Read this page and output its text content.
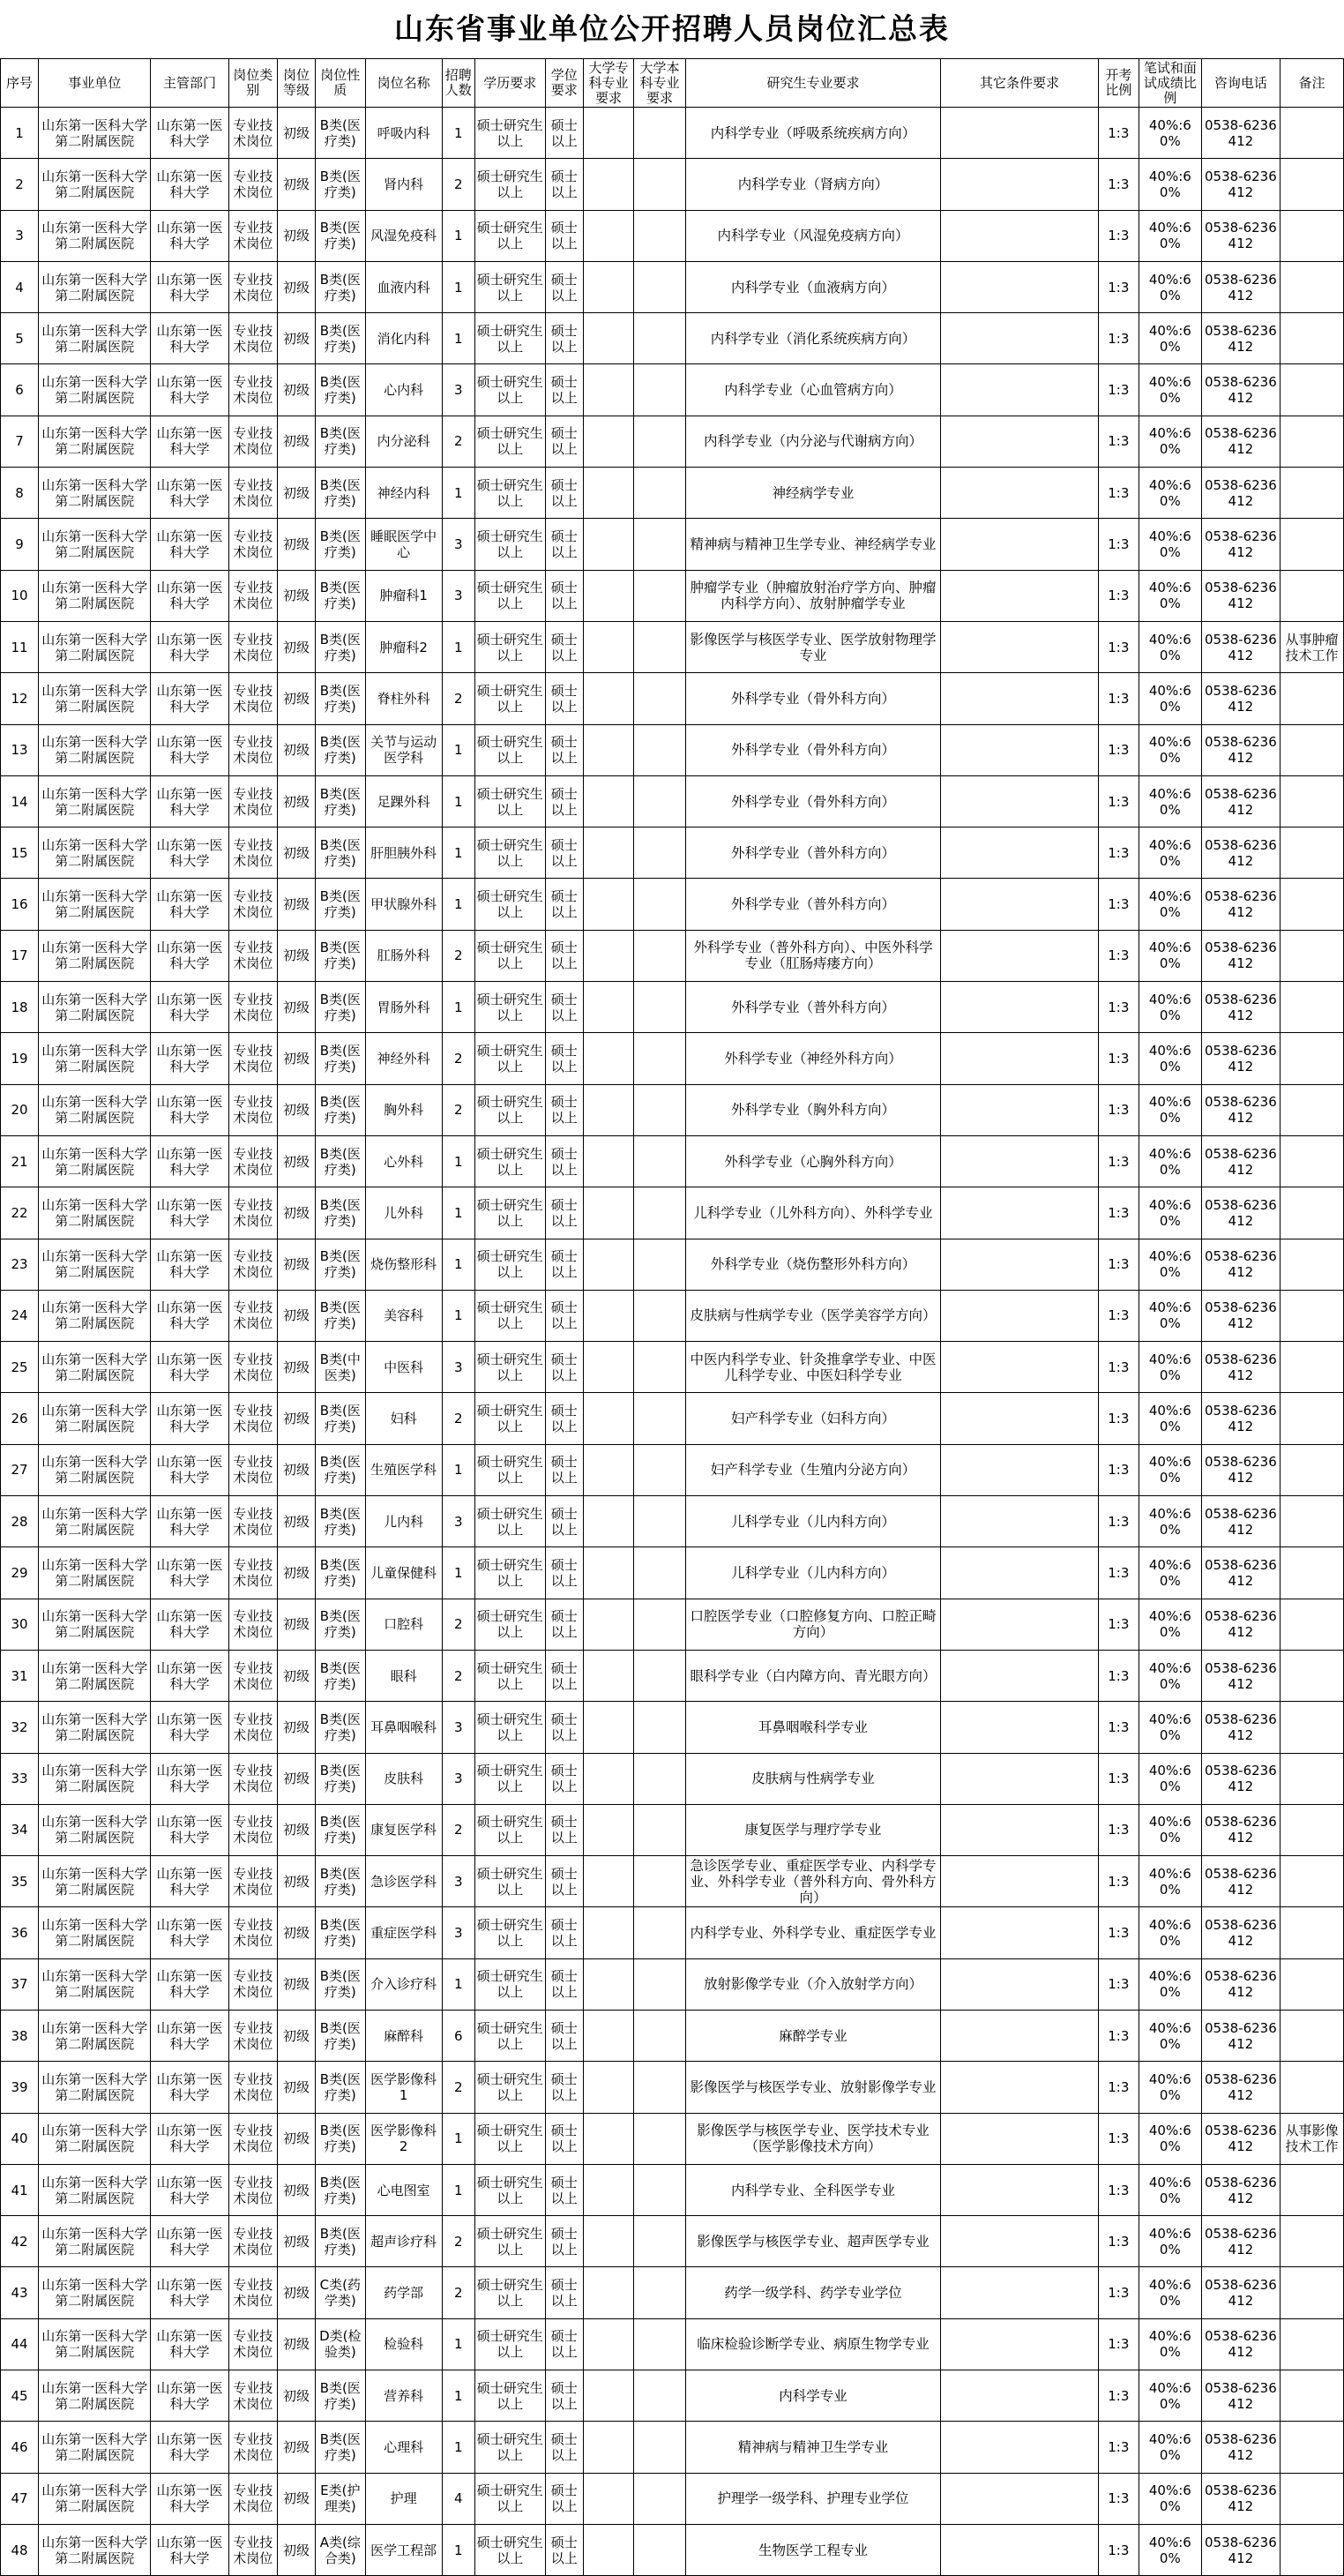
山东省事业单位公开招聘人员岗位汇总表
序号	事业单位	主管部门	岗位类别	岗位等级	岗位性质	岗位名称	招聘人数	学历要求	学位要求	大学专科专业要求	大学本科专业要求	研究生专业要求	其它条件要求	开考比例	笔试和面试成绩比例	咨询电话	备注
1	山东第一医科大学第二附属医院	山东第一医科大学	专业技术岗位	初级	B类(医疗类)	呼吸内科	1	硕士研究生以上	硕士以上			内科学专业（呼吸系统疾病方向）		1:3	40%:60%	0538-6236412	
2	山东第一医科大学第二附属医院	山东第一医科大学	专业技术岗位	初级	B类(医疗类)	肾内科	2	硕士研究生以上	硕士以上			内科学专业（肾病方向）		1:3	40%:60%	0538-6236412	
3	山东第一医科大学第二附属医院	山东第一医科大学	专业技术岗位	初级	B类(医疗类)	风湿免疫科	1	硕士研究生以上	硕士以上			内科学专业（风湿免疫病方向）		1:3	40%:60%	0538-6236412	
4	山东第一医科大学第二附属医院	山东第一医科大学	专业技术岗位	初级	B类(医疗类)	血液内科	1	硕士研究生以上	硕士以上			内科学专业（血液病方向）		1:3	40%:60%	0538-6236412	
5	山东第一医科大学第二附属医院	山东第一医科大学	专业技术岗位	初级	B类(医疗类)	消化内科	1	硕士研究生以上	硕士以上			内科学专业（消化系统疾病方向）		1:3	40%:60%	0538-6236412	
6	山东第一医科大学第二附属医院	山东第一医科大学	专业技术岗位	初级	B类(医疗类)	心内科	3	硕士研究生以上	硕士以上			内科学专业（心血管病方向）		1:3	40%:60%	0538-6236412	
7	山东第一医科大学第二附属医院	山东第一医科大学	专业技术岗位	初级	B类(医疗类)	内分泌科	2	硕士研究生以上	硕士以上			内科学专业（内分泌与代谢病方向）		1:3	40%:60%	0538-6236412	
8	山东第一医科大学第二附属医院	山东第一医科大学	专业技术岗位	初级	B类(医疗类)	神经内科	1	硕士研究生以上	硕士以上			神经病学专业		1:3	40%:60%	0538-6236412	
9	山东第一医科大学第二附属医院	山东第一医科大学	专业技术岗位	初级	B类(医疗类)	睡眠医学中心	3	硕士研究生以上	硕士以上			精神病与精神卫生学专业、神经病学专业		1:3	40%:60%	0538-6236412	
10	山东第一医科大学第二附属医院	山东第一医科大学	专业技术岗位	初级	B类(医疗类)	肿瘤科1	3	硕士研究生以上	硕士以上			肿瘤学专业（肿瘤放射治疗学方向、肿瘤内科学方向）、放射肿瘤学专业		1:3	40%:60%	0538-6236412	
11	山东第一医科大学第二附属医院	山东第一医科大学	专业技术岗位	初级	B类(医疗类)	肿瘤科2	1	硕士研究生以上	硕士以上			影像医学与核医学专业、医学放射物理学专业		1:3	40%:60%	0538-6236412	从事肿瘤技术工作
12	山东第一医科大学第二附属医院	山东第一医科大学	专业技术岗位	初级	B类(医疗类)	脊柱外科	2	硕士研究生以上	硕士以上			外科学专业（骨外科方向）		1:3	40%:60%	0538-6236412	
13	山东第一医科大学第二附属医院	山东第一医科大学	专业技术岗位	初级	B类(医疗类)	关节与运动医学科	1	硕士研究生以上	硕士以上			外科学专业（骨外科方向）		1:3	40%:60%	0538-6236412	
14	山东第一医科大学第二附属医院	山东第一医科大学	专业技术岗位	初级	B类(医疗类)	足踝外科	1	硕士研究生以上	硕士以上			外科学专业（骨外科方向）		1:3	40%:60%	0538-6236412	
15	山东第一医科大学第二附属医院	山东第一医科大学	专业技术岗位	初级	B类(医疗类)	肝胆胰外科	1	硕士研究生以上	硕士以上			外科学专业（普外科方向）		1:3	40%:60%	0538-6236412	
16	山东第一医科大学第二附属医院	山东第一医科大学	专业技术岗位	初级	B类(医疗类)	甲状腺外科	1	硕士研究生以上	硕士以上			外科学专业（普外科方向）		1:3	40%:60%	0538-6236412	
17	山东第一医科大学第二附属医院	山东第一医科大学	专业技术岗位	初级	B类(医疗类)	肛肠外科	2	硕士研究生以上	硕士以上			外科学专业（普外科方向）、中医外科学专业（肛肠痔瘘方向）		1:3	40%:60%	0538-6236412	
18	山东第一医科大学第二附属医院	山东第一医科大学	专业技术岗位	初级	B类(医疗类)	胃肠外科	1	硕士研究生以上	硕士以上			外科学专业（普外科方向）		1:3	40%:60%	0538-6236412	
19	山东第一医科大学第二附属医院	山东第一医科大学	专业技术岗位	初级	B类(医疗类)	神经外科	2	硕士研究生以上	硕士以上			外科学专业（神经外科方向）		1:3	40%:60%	0538-6236412	
20	山东第一医科大学第二附属医院	山东第一医科大学	专业技术岗位	初级	B类(医疗类)	胸外科	2	硕士研究生以上	硕士以上			外科学专业（胸外科方向）		1:3	40%:60%	0538-6236412	
21	山东第一医科大学第二附属医院	山东第一医科大学	专业技术岗位	初级	B类(医疗类)	心外科	1	硕士研究生以上	硕士以上			外科学专业（心胸外科方向）		1:3	40%:60%	0538-6236412	
22	山东第一医科大学第二附属医院	山东第一医科大学	专业技术岗位	初级	B类(医疗类)	儿外科	1	硕士研究生以上	硕士以上			儿科学专业（儿外科方向）、外科学专业		1:3	40%:60%	0538-6236412	
23	山东第一医科大学第二附属医院	山东第一医科大学	专业技术岗位	初级	B类(医疗类)	烧伤整形科	1	硕士研究生以上	硕士以上			外科学专业（烧伤整形外科方向）		1:3	40%:60%	0538-6236412	
24	山东第一医科大学第二附属医院	山东第一医科大学	专业技术岗位	初级	B类(医疗类)	美容科	1	硕士研究生以上	硕士以上			皮肤病与性病学专业（医学美容学方向）		1:3	40%:60%	0538-6236412	
25	山东第一医科大学第二附属医院	山东第一医科大学	专业技术岗位	初级	B类(中医类)	中医科	3	硕士研究生以上	硕士以上			中医内科学专业、针灸推拿学专业、中医儿科学专业、中医妇科学专业		1:3	40%:60%	0538-6236412	
26	山东第一医科大学第二附属医院	山东第一医科大学	专业技术岗位	初级	B类(医疗类)	妇科	2	硕士研究生以上	硕士以上			妇产科学专业（妇科方向）		1:3	40%:60%	0538-6236412	
27	山东第一医科大学第二附属医院	山东第一医科大学	专业技术岗位	初级	B类(医疗类)	生殖医学科	1	硕士研究生以上	硕士以上			妇产科学专业（生殖内分泌方向）		1:3	40%:60%	0538-6236412	
28	山东第一医科大学第二附属医院	山东第一医科大学	专业技术岗位	初级	B类(医疗类)	儿内科	3	硕士研究生以上	硕士以上			儿科学专业（儿内科方向）		1:3	40%:60%	0538-6236412	
29	山东第一医科大学第二附属医院	山东第一医科大学	专业技术岗位	初级	B类(医疗类)	儿童保健科	1	硕士研究生以上	硕士以上			儿科学专业（儿内科方向）		1:3	40%:60%	0538-6236412	
30	山东第一医科大学第二附属医院	山东第一医科大学	专业技术岗位	初级	B类(医疗类)	口腔科	2	硕士研究生以上	硕士以上			口腔医学专业（口腔修复方向、口腔正畸方向）		1:3	40%:60%	0538-6236412	
31	山东第一医科大学第二附属医院	山东第一医科大学	专业技术岗位	初级	B类(医疗类)	眼科	2	硕士研究生以上	硕士以上			眼科学专业（白内障方向、青光眼方向）		1:3	40%:60%	0538-6236412	
32	山东第一医科大学第二附属医院	山东第一医科大学	专业技术岗位	初级	B类(医疗类)	耳鼻咽喉科	3	硕士研究生以上	硕士以上			耳鼻咽喉科学专业		1:3	40%:60%	0538-6236412	
33	山东第一医科大学第二附属医院	山东第一医科大学	专业技术岗位	初级	B类(医疗类)	皮肤科	3	硕士研究生以上	硕士以上			皮肤病与性病学专业		1:3	40%:60%	0538-6236412	
34	山东第一医科大学第二附属医院	山东第一医科大学	专业技术岗位	初级	B类(医疗类)	康复医学科	2	硕士研究生以上	硕士以上			康复医学与理疗学专业		1:3	40%:60%	0538-6236412	
35	山东第一医科大学第二附属医院	山东第一医科大学	专业技术岗位	初级	B类(医疗类)	急诊医学科	3	硕士研究生以上	硕士以上			急诊医学专业、重症医学专业、内科学专业、外科学专业（普外科方向、骨外科方向）		1:3	40%:60%	0538-6236412	
36	山东第一医科大学第二附属医院	山东第一医科大学	专业技术岗位	初级	B类(医疗类)	重症医学科	3	硕士研究生以上	硕士以上			内科学专业、外科学专业、重症医学专业		1:3	40%:60%	0538-6236412	
37	山东第一医科大学第二附属医院	山东第一医科大学	专业技术岗位	初级	B类(医疗类)	介入诊疗科	1	硕士研究生以上	硕士以上			放射影像学专业（介入放射学方向）		1:3	40%:60%	0538-6236412	
38	山东第一医科大学第二附属医院	山东第一医科大学	专业技术岗位	初级	B类(医疗类)	麻醉科	6	硕士研究生以上	硕士以上			麻醉学专业		1:3	40%:60%	0538-6236412	
39	山东第一医科大学第二附属医院	山东第一医科大学	专业技术岗位	初级	B类(医疗类)	医学影像科1	2	硕士研究生以上	硕士以上			影像医学与核医学专业、放射影像学专业		1:3	40%:60%	0538-6236412	
40	山东第一医科大学第二附属医院	山东第一医科大学	专业技术岗位	初级	B类(医疗类)	医学影像科2	1	硕士研究生以上	硕士以上			影像医学与核医学专业、医学技术专业（医学影像技术方向）		1:3	40%:60%	0538-6236412	从事影像技术工作
41	山东第一医科大学第二附属医院	山东第一医科大学	专业技术岗位	初级	B类(医疗类)	心电图室	1	硕士研究生以上	硕士以上			内科学专业、全科医学专业		1:3	40%:60%	0538-6236412	
42	山东第一医科大学第二附属医院	山东第一医科大学	专业技术岗位	初级	B类(医疗类)	超声诊疗科	2	硕士研究生以上	硕士以上			影像医学与核医学专业、超声医学专业		1:3	40%:60%	0538-6236412	
43	山东第一医科大学第二附属医院	山东第一医科大学	专业技术岗位	初级	C类(药学类)	药学部	2	硕士研究生以上	硕士以上			药学一级学科、药学专业学位		1:3	40%:60%	0538-6236412	
44	山东第一医科大学第二附属医院	山东第一医科大学	专业技术岗位	初级	D类(检验类)	检验科	1	硕士研究生以上	硕士以上			临床检验诊断学专业、病原生物学专业		1:3	40%:60%	0538-6236412	
45	山东第一医科大学第二附属医院	山东第一医科大学	专业技术岗位	初级	B类(医疗类)	营养科	1	硕士研究生以上	硕士以上			内科学专业		1:3	40%:60%	0538-6236412	
46	山东第一医科大学第二附属医院	山东第一医科大学	专业技术岗位	初级	B类(医疗类)	心理科	1	硕士研究生以上	硕士以上			精神病与精神卫生学专业		1:3	40%:60%	0538-6236412	
47	山东第一医科大学第二附属医院	山东第一医科大学	专业技术岗位	初级	E类(护理类)	护理	4	硕士研究生以上	硕士以上			护理学一级学科、护理专业学位		1:3	40%:60%	0538-6236412	
48	山东第一医科大学第二附属医院	山东第一医科大学	专业技术岗位	初级	A类(综合类)	医学工程部	1	硕士研究生以上	硕士以上			生物医学工程专业		1:3	40%:60%	0538-6236412	
